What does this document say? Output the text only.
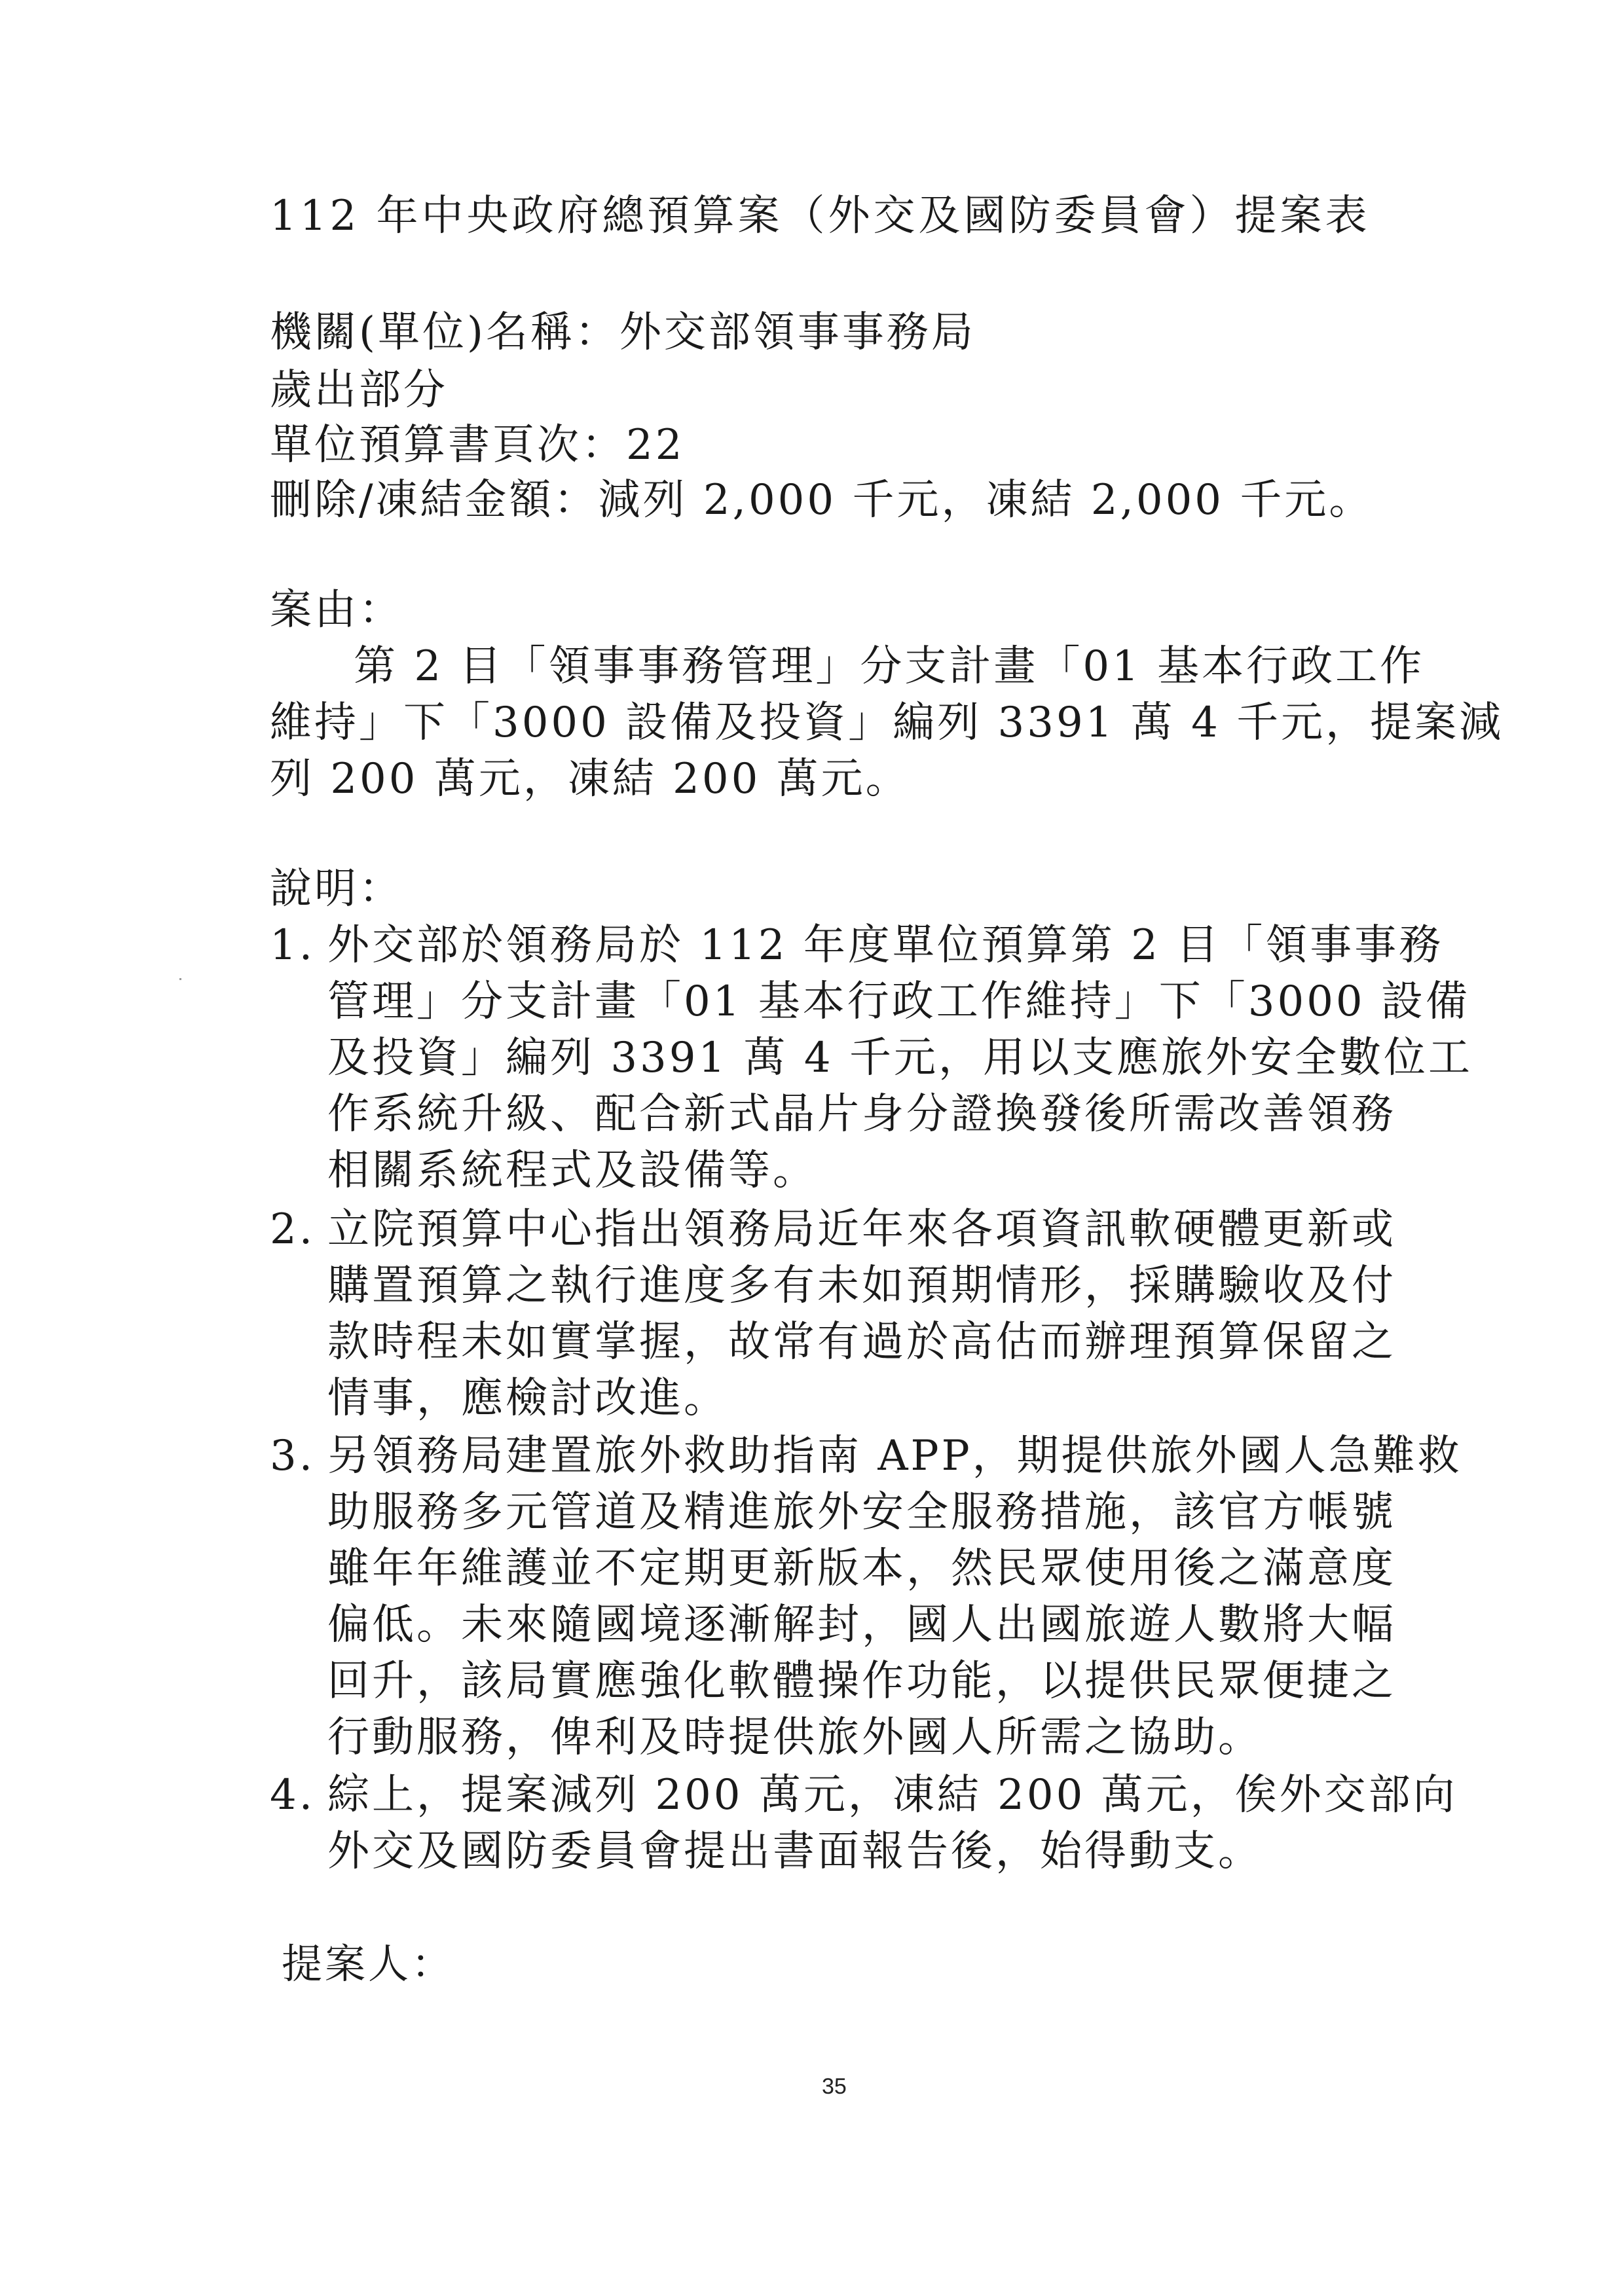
112 年中央政府總預算案（外交及國防委員會）提案表
機關(單位)名稱：外交部領事事務局
歲出部分
單位預算書頁次：22
刪除/凍結金額：減列 2,000 千元，凍結 2,000 千元。
案由：
第 2 目「領事事務管理」分支計畫「01 基本行政工作
維持」下「3000 設備及投資」編列 3391 萬 4 千元，提案減
列 200 萬元，凍結 200 萬元。
說明：
1. 外交部於領務局於 112 年度單位預算第 2 目「領事事務
管理」分支計畫「01 基本行政工作維持」下「3000 設備
及投資」編列 3391 萬 4 千元，用以支應旅外安全數位工
作系統升級、配合新式晶片身分證換發後所需改善領務
相關系統程式及設備等。
2. 立院預算中心指出領務局近年來各項資訊軟硬體更新或
購置預算之執行進度多有未如預期情形，採購驗收及付
款時程未如實掌握，故常有過於高估而辦理預算保留之
情事，應檢討改進。
3. 另領務局建置旅外救助指南 APP，期提供旅外國人急難救
助服務多元管道及精進旅外安全服務措施，該官方帳號
雖年年維護並不定期更新版本，然民眾使用後之滿意度
偏低。未來隨國境逐漸解封，國人出國旅遊人數將大幅
回升，該局實應強化軟體操作功能，以提供民眾便捷之
行動服務，俾利及時提供旅外國人所需之協助。
4. 綜上，提案減列 200 萬元，凍結 200 萬元，俟外交部向
外交及國防委員會提出書面報告後，始得動支。
提案人：
35
